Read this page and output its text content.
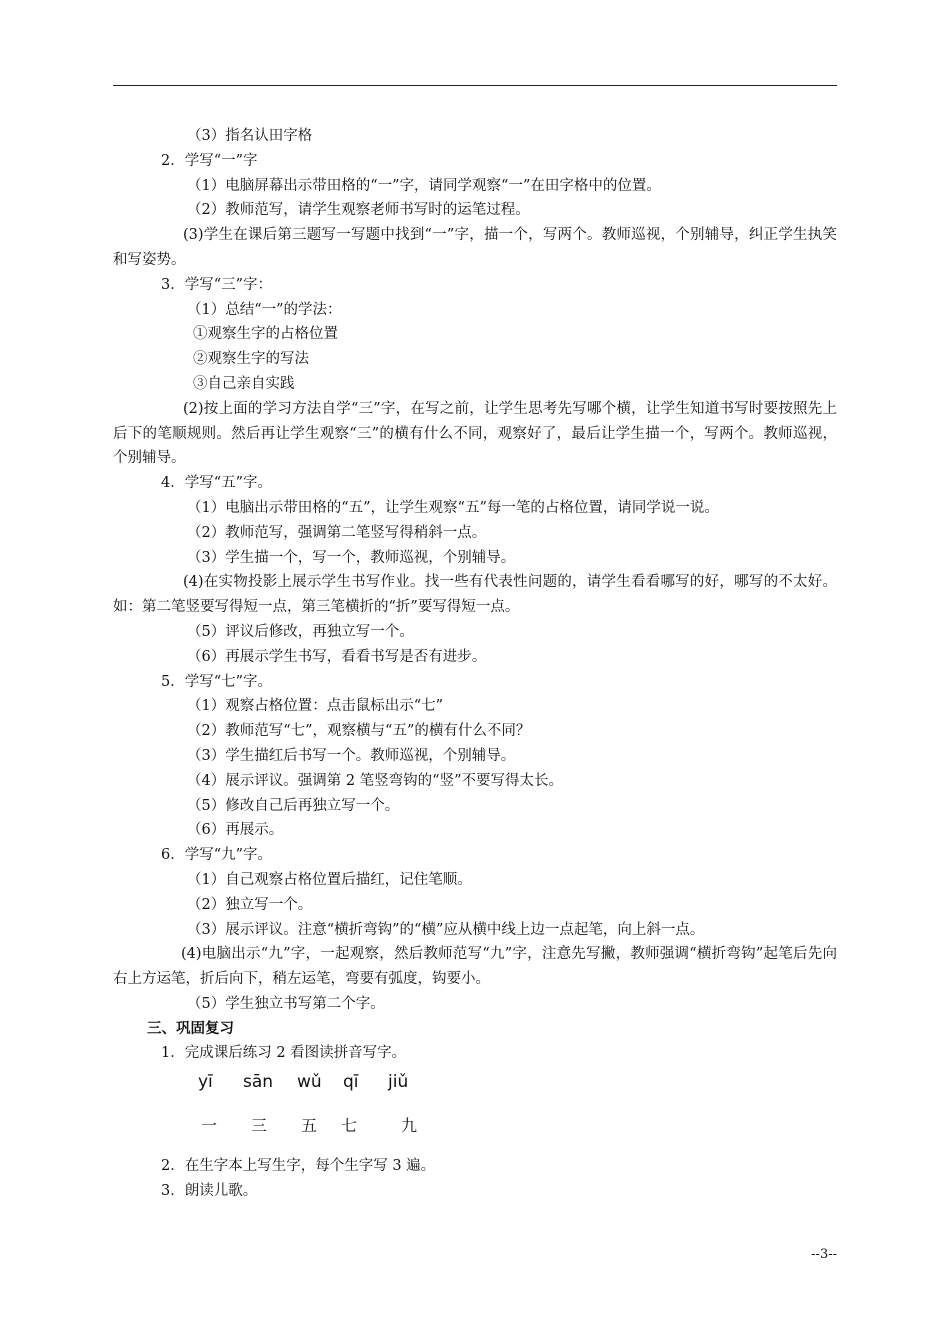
（3）指名认田字格

2．学写“一”字

（1）电脑屏幕出示带田格的“一”字，请同学观察“一”在田字格中的位置。

（2）教师范写，请学生观察老师书写时的运笔过程。

(3)学生在课后第三题写一写题中找到“一”字，描一个，写两个。教师巡视，个别辅导，纠正学生执笑和写姿势。

3．学写“三”字：

（1）总结“一”的学法：

①观察生字的占格位置

②观察生字的写法

③自己亲自实践

(2)按上面的学习方法自学“三”字，在写之前，让学生思考先写哪个横，让学生知道书写时要按照先上后下的笔顺规则。然后再让学生观察“三”的横有什么不同，观察好了，最后让学生描一个，写两个。教师巡视，个别辅导。

4．学写“五”字。

（1）电脑出示带田格的“五”，让学生观察“五”每一笔的占格位置，请同学说一说。

（2）教师范写，强调第二笔竖写得稍斜一点。

（3）学生描一个，写一个，教师巡视，个别辅导。

(4)在实物投影上展示学生书写作业。找一些有代表性问题的，请学生看看哪写的好，哪写的不太好。如：第二笔竖要写得短一点，第三笔横折的“折”要写得短一点。

（5）评议后修改，再独立写一个。

（6）再展示学生书写，看看书写是否有进步。

5．学写“七”字。

（1）观察占格位置：点击鼠标出示“七”

（2）教师范写“七”，观察横与“五”的横有什么不同？

（3）学生描红后书写一个。教师巡视，个别辅导。

（4）展示评议。强调第 2 笔竖弯钩的“竖”不要写得太长。

（5）修改自己后再独立写一个。

（6）再展示。

6．学写“九”字。

（1）自己观察占格位置后描红，记住笔顺。

（2）独立写一个。

（3）展示评议。注意“横折弯钩”的“横”应从横中线上边一点起笔，向上斜一点。

(4)电脑出示“九”字，一起观察，然后教师范写“九”字，注意先写撇，教师强调“横折弯钩”起笔后先向右上方运笔，折后向下，稍左运笔，弯要有弧度，钩要小。

（5）学生独立书写第二个字。

三、巩固复习

1．完成课后练习 2 看图读拼音写字。

yī sān wǔ qī jiǔ
一 三 五 七	九

2．在生字本上写生字，每个生字写 3 遍。

3．朗读儿歌。

--3--
